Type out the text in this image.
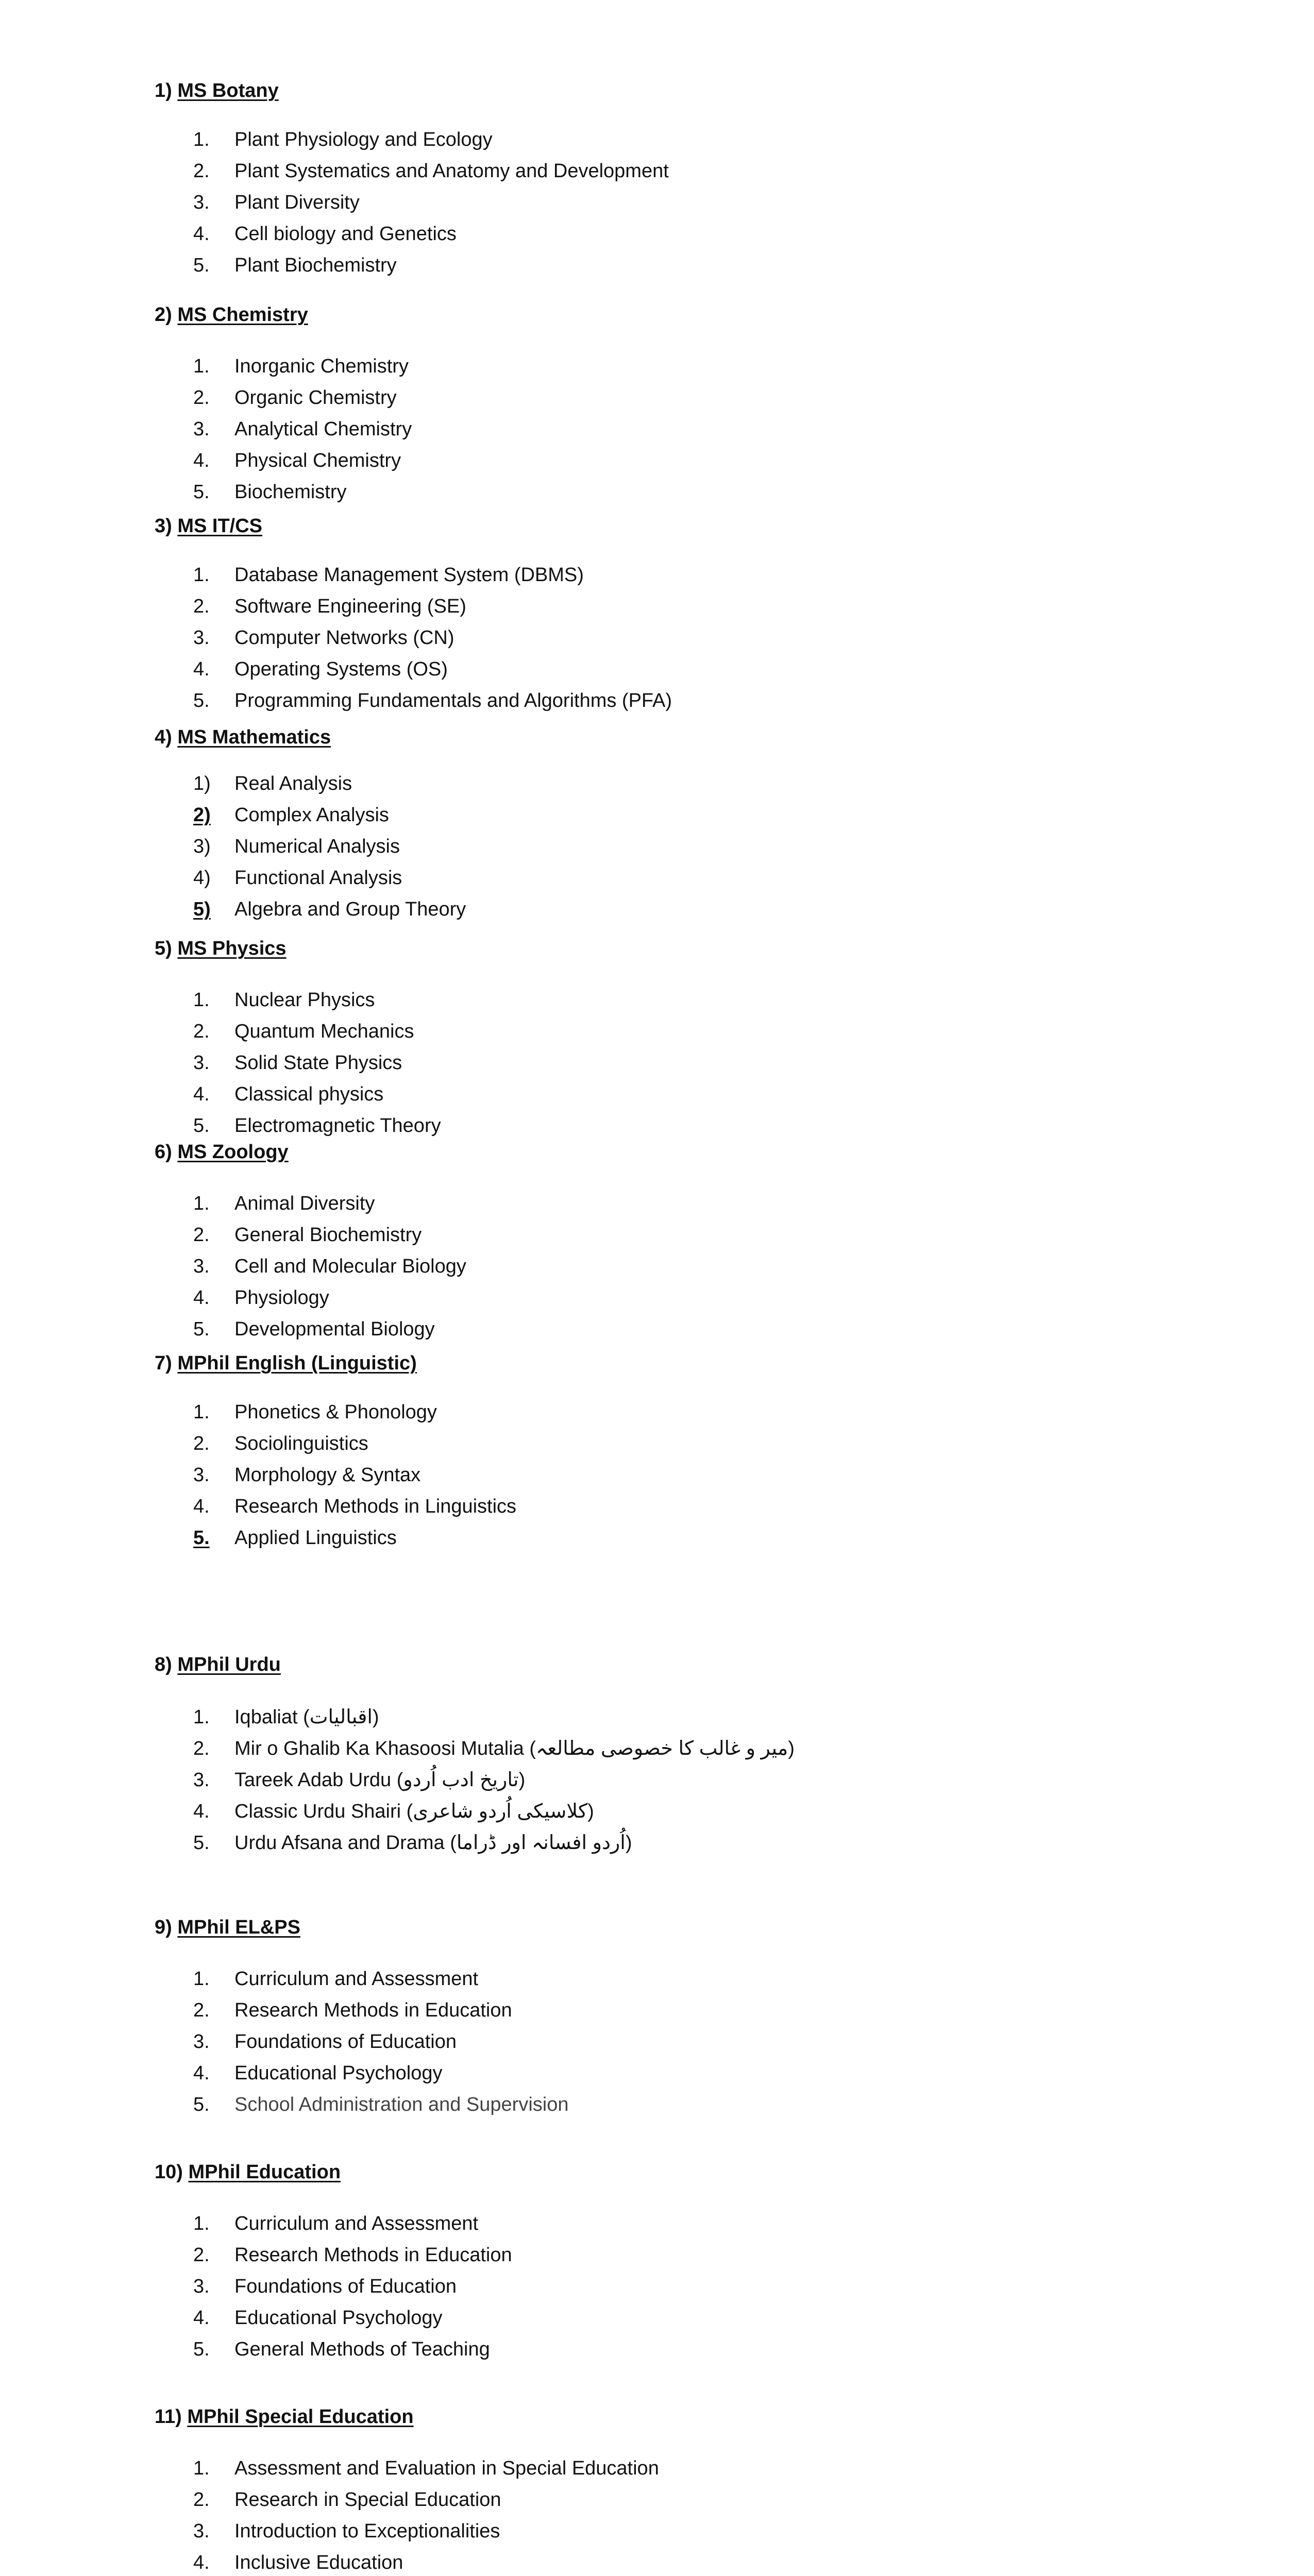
1) MS Botany
1. Plant Physiology and Ecology
2. Plant Systematics and Anatomy and Development
3. Plant Diversity
4. Cell biology and Genetics
5. Plant Biochemistry
2) MS Chemistry
1. Inorganic Chemistry
2. Organic Chemistry
3. Analytical Chemistry
4. Physical Chemistry
5. Biochemistry
3) MS IT/CS
1. Database Management System (DBMS)
2. Software Engineering (SE)
3. Computer Networks (CN)
4. Operating Systems (OS)
5. Programming Fundamentals and Algorithms (PFA)
4) MS Mathematics
1) Real Analysis
2) Complex Analysis
3) Numerical Analysis
4) Functional Analysis
5) Algebra and Group Theory
5) MS Physics
1. Nuclear Physics
2. Quantum Mechanics
3. Solid State Physics
4. Classical physics
5. Electromagnetic Theory
6) MS Zoology
1. Animal Diversity
2. General Biochemistry
3. Cell and Molecular Biology
4. Physiology
5. Developmental Biology
7) MPhil English (Linguistic)
1. Phonetics & Phonology
2. Sociolinguistics
3. Morphology & Syntax
4. Research Methods in Linguistics
5. Applied Linguistics
8) MPhil Urdu
1. Iqbaliat (اقبالیات)
2. Mir o Ghalib Ka Khasoosi Mutalia (میر و غالب کا خصوصی مطالعہ)
3. Tareek Adab Urdu (تاریخ ادب اُردو)
4. Classic Urdu Shairi (کلاسیکی اُردو شاعری)
5. Urdu Afsana and Drama (اُردو افسانہ اور ڈراما)
9) MPhil EL&PS
1. Curriculum and Assessment
2. Research Methods in Education
3. Foundations of Education
4. Educational Psychology
5. School Administration and Supervision
10) MPhil Education
1. Curriculum and Assessment
2. Research Methods in Education
3. Foundations of Education
4. Educational Psychology
5. General Methods of Teaching
11) MPhil Special Education
1. Assessment and Evaluation in Special Education
2. Research in Special Education
3. Introduction to Exceptionalities
4. Inclusive Education
